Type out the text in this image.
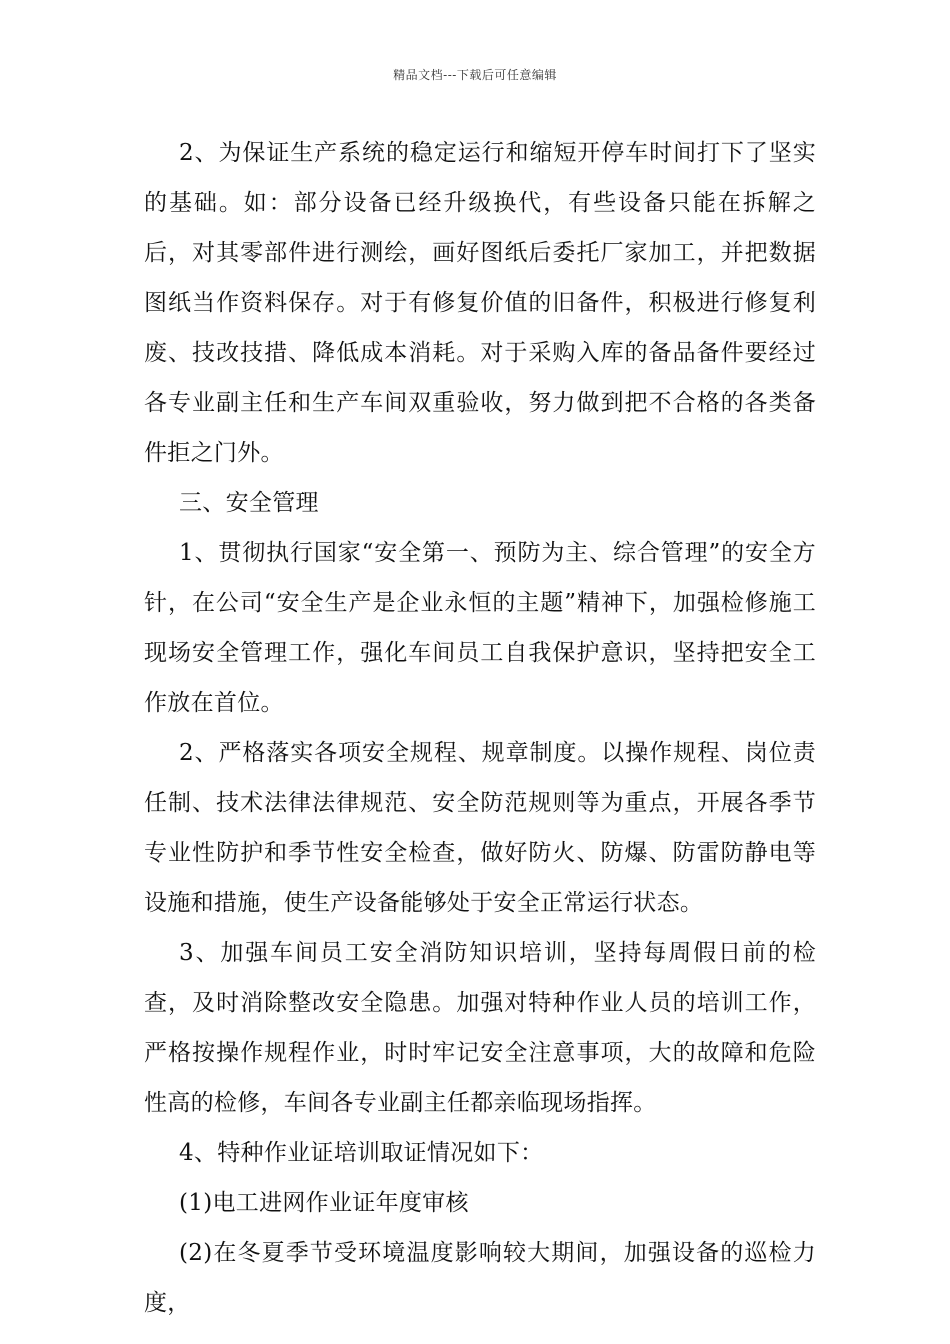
精品文档---下载后可任意编辑

2、为保证生产系统的稳定运行和缩短开停车时间打下了坚实的基础。如：部分设备已经升级换代，有些设备只能在拆解之后，对其零部件进行测绘，画好图纸后委托厂家加工，并把数据图纸当作资料保存。对于有修复价值的旧备件，积极进行修复利废、技改技措、降低成本消耗。对于采购入库的备品备件要经过各专业副主任和生产车间双重验收，努力做到把不合格的各类备件拒之门外。

三、安全管理

1、贯彻执行国家“安全第一、预防为主、综合管理”的安全方针，在公司“安全生产是企业永恒的主题”精神下，加强检修施工现场安全管理工作，强化车间员工自我保护意识，坚持把安全工作放在首位。

2、严格落实各项安全规程、规章制度。以操作规程、岗位责任制、技术法律法律规范、安全防范规则等为重点，开展各季节专业性防护和季节性安全检查，做好防火、防爆、防雷防静电等设施和措施，使生产设备能够处于安全正常运行状态。

3、加强车间员工安全消防知识培训，坚持每周假日前的检查，及时消除整改安全隐患。加强对特种作业人员的培训工作，严格按操作规程作业，时时牢记安全注意事项，大的故障和危险性高的检修，车间各专业副主任都亲临现场指挥。

4、特种作业证培训取证情况如下：

(1)电工进网作业证年度审核

(2)在冬夏季节受环境温度影响较大期间，加强设备的巡检力度，
